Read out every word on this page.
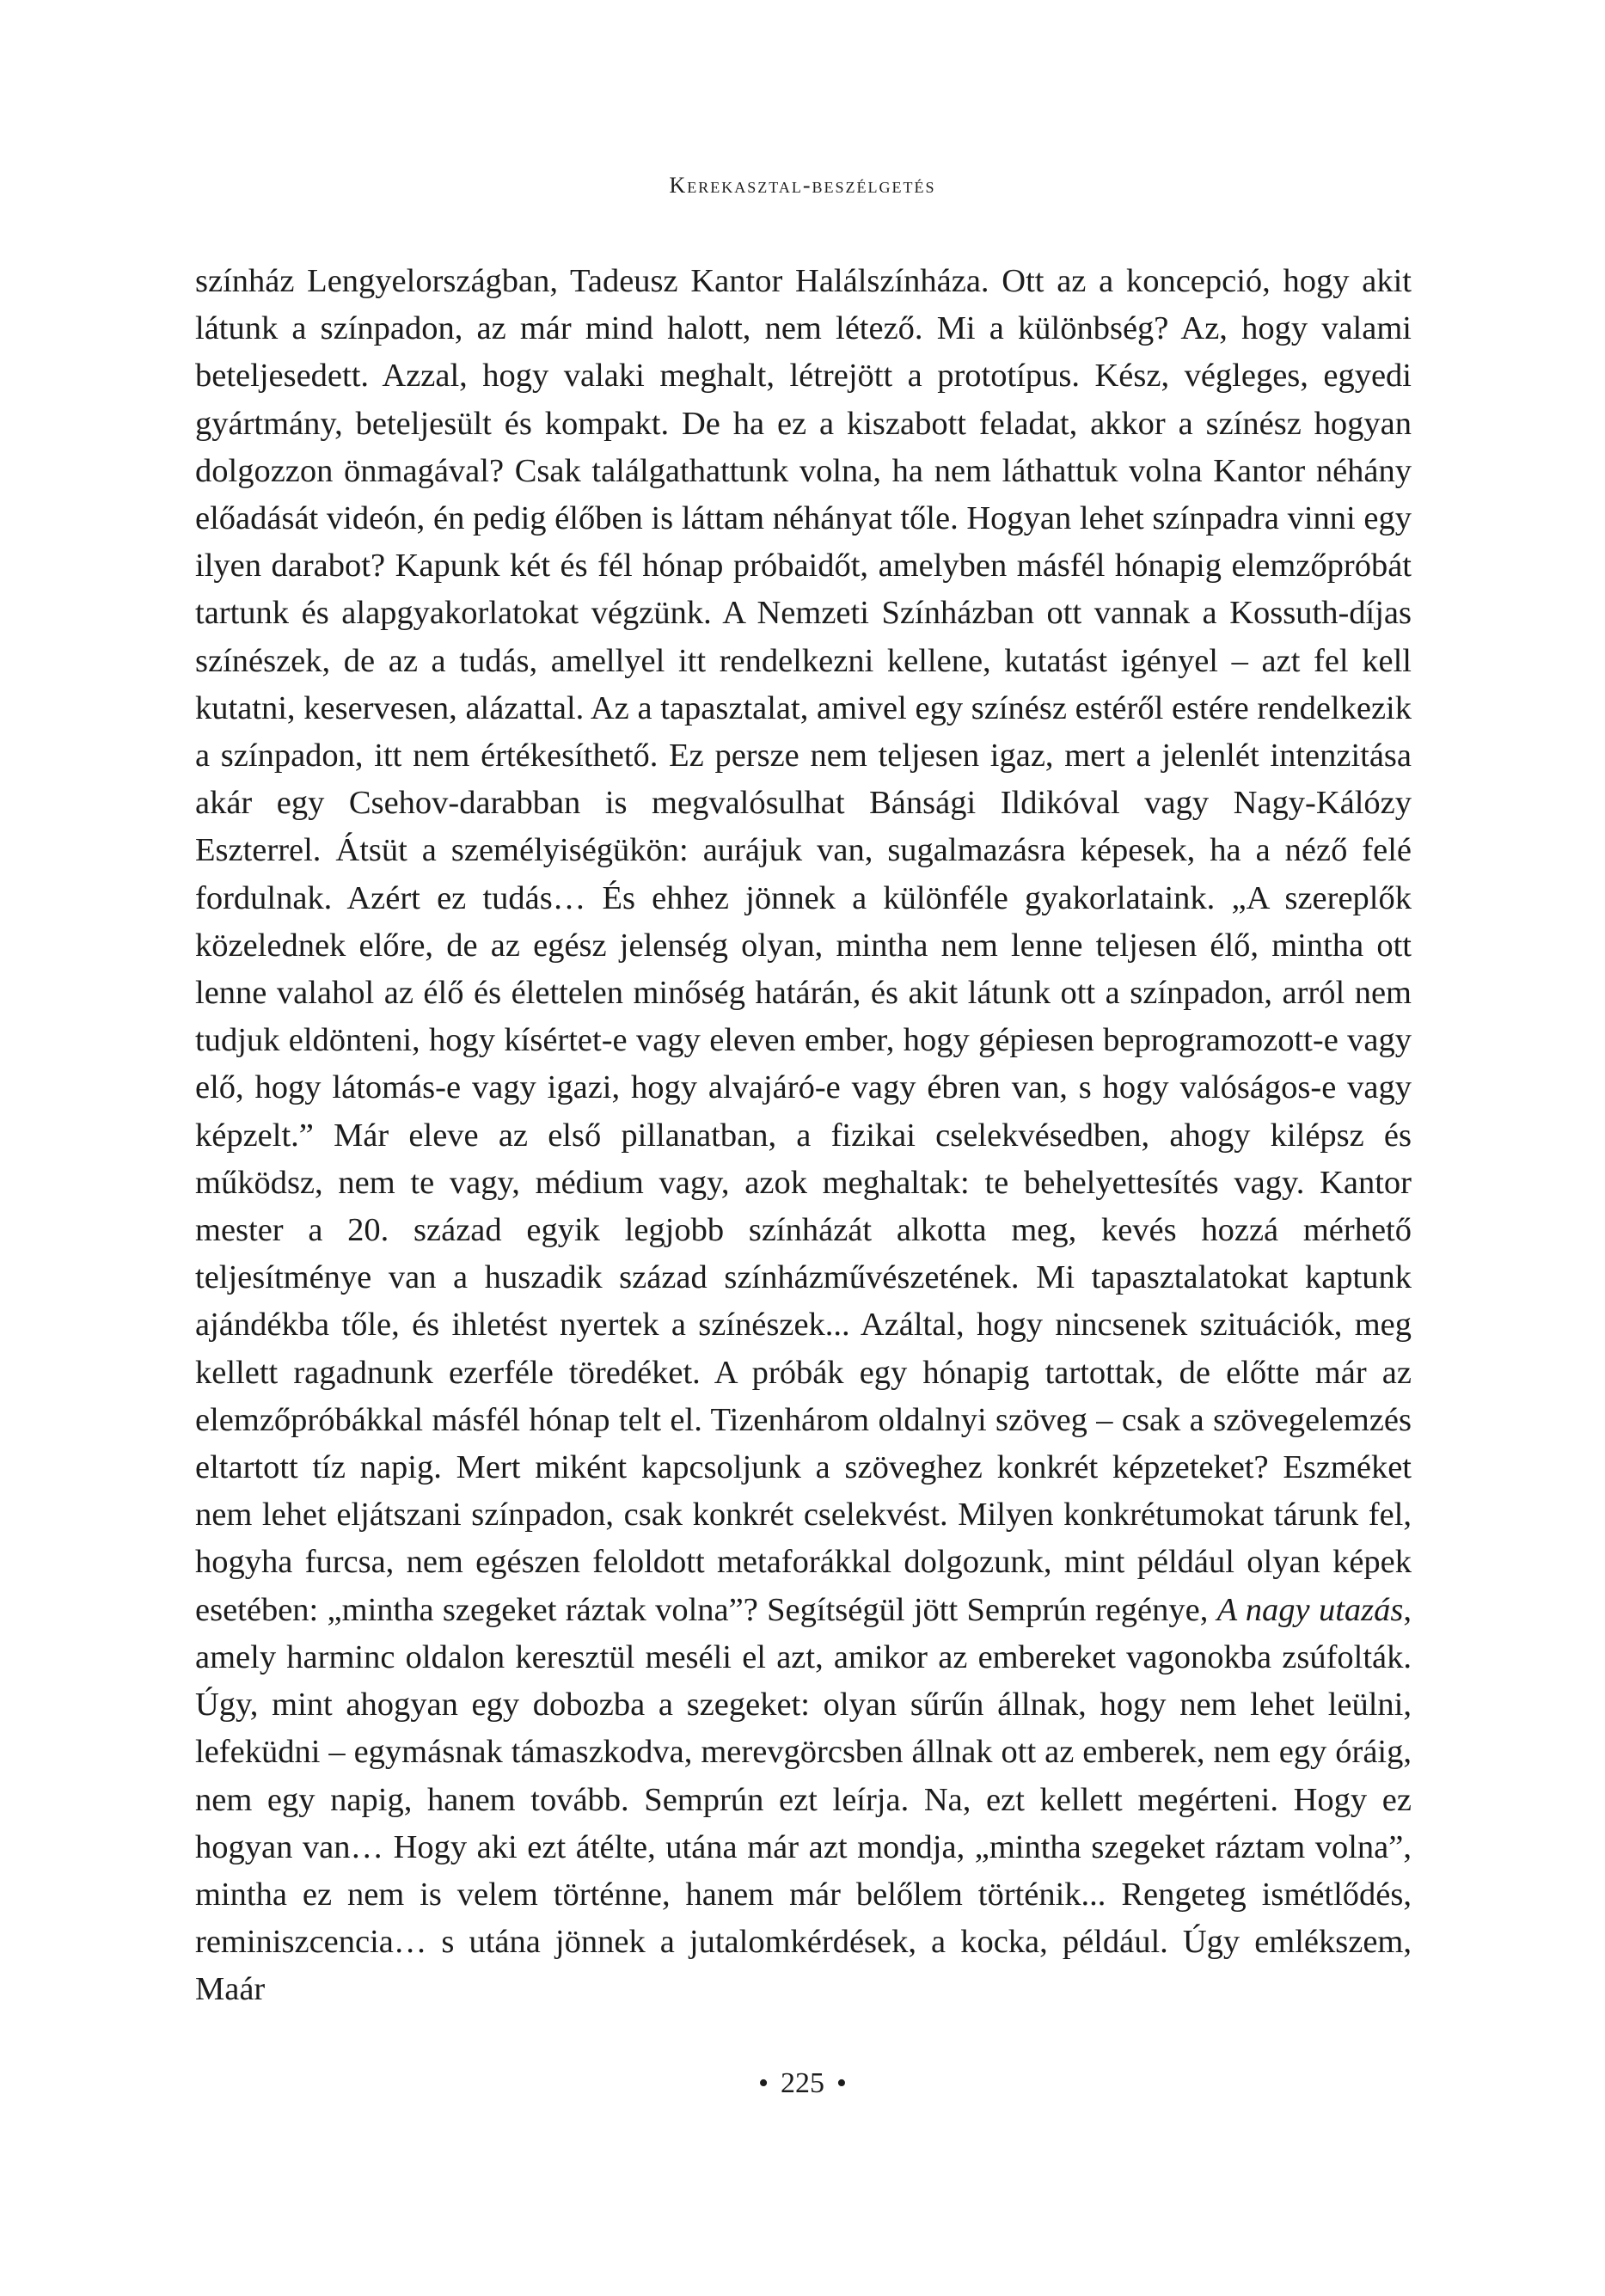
Kerekasztal-beszélgetés

színház Lengyelországban, Tadeusz Kantor Halálszínháza. Ott az a koncepció, hogy akit látunk a színpadon, az már mind halott, nem létező. Mi a különbség? Az, hogy valami beteljesedett. Azzal, hogy valaki meghalt, létrejött a prototípus. Kész, végleges, egyedi gyártmány, beteljesült és kompakt. De ha ez a kiszabott feladat, akkor a színész hogyan dolgozzon önmagával? Csak találgathattunk volna, ha nem láthattuk volna Kantor néhány előadását videón, én pedig élőben is láttam néhányat tőle. Hogyan lehet színpadra vinni egy ilyen darabot? Kapunk két és fél hónap próbaidőt, amelyben másfél hónapig elemzőpróbát tartunk és alapgyakorlatokat végzünk. A Nemzeti Színházban ott vannak a Kossuth-díjas színészek, de az a tudás, amellyel itt rendelkezni kellene, kutatást igényel – azt fel kell kutatni, keservesen, alázattal. Az a tapasztalat, amivel egy színész estéről estére rendelkezik a színpadon, itt nem értékesíthető. Ez persze nem teljesen igaz, mert a jelenlét intenzitása akár egy Csehov-darabban is megvalósulhat Bánsági Ildikóval vagy Nagy-Kálózy Eszterrel. Átsüt a személyiségükön: aurájuk van, sugalmazásra képesek, ha a néző felé fordulnak. Azért ez tudás… És ehhez jönnek a különféle gyakorlataink. „A szereplők közelednek előre, de az egész jelenség olyan, mintha nem lenne teljesen élő, mintha ott lenne valahol az élő és élettelen minőség határán, és akit látunk ott a színpadon, arról nem tudjuk eldönteni, hogy kísértet-e vagy eleven ember, hogy gépiesen beprogramozott-e vagy elő, hogy látomás-e vagy igazi, hogy alvajáró-e vagy ébren van, s hogy valóságos-e vagy képzelt.” Már eleve az első pillanatban, a fizikai cselekvésedben, ahogy kilépsz és működsz, nem te vagy, médium vagy, azok meghaltak: te behelyettesítés vagy. Kantor mester a 20. század egyik legjobb színházát alkotta meg, kevés hozzá mérhető teljesítménye van a huszadik század színházművészetének. Mi tapasztalatokat kaptunk ajándékba tőle, és ihletést nyertek a színészek... Azáltal, hogy nincsenek szituációk, meg kellett ragadnunk ezerféle töredéket. A próbák egy hónapig tartottak, de előtte már az elemzőpróbákkal másfél hónap telt el. Tizenhárom oldalnyi szöveg – csak a szövegelemzés eltartott tíz napig. Mert miként kapcsoljunk a szöveghez konkrét képzeteket? Eszméket nem lehet eljátszani színpadon, csak konkrét cselekvést. Milyen konkrétumokat tárunk fel, hogyha furcsa, nem egészen feloldott metaforákkal dolgozunk, mint például olyan képek esetében: „mintha szegeket ráztak volna”? Segítségül jött Semprún regénye, A nagy utazás, amely harminc oldalon keresztül meséli el azt, amikor az embereket vagonokba zsúfolták. Úgy, mint ahogyan egy dobozba a szegeket: olyan sűrűn állnak, hogy nem lehet leülni, lefeküdni – egymásnak támaszkodva, merevgörcsben állnak ott az emberek, nem egy óráig, nem egy napig, hanem tovább. Semprún ezt leírja. Na, ezt kellett megérteni. Hogy ez hogyan van… Hogy aki ezt átélte, utána már azt mondja, „mintha szegeket ráztam volna”, mintha ez nem is velem történne, hanem már belőlem történik... Rengeteg ismétlődés, reminiszcencia… s utána jönnek a jutalomkérdések, a kocka, például. Úgy emlékszem, Maár

• 225 •
